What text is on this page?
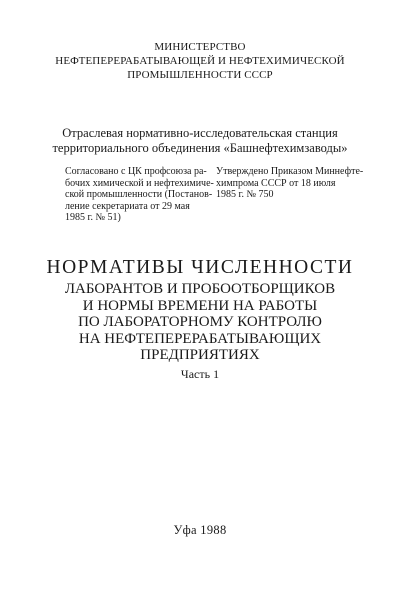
МИНИСТЕРСТВО
НЕФТЕПЕРЕРАБАТЫВАЮЩЕЙ И НЕФТЕХИМИЧЕСКОЙ
ПРОМЫШЛЕННОСТИ СССР
Отраслевая нормативно-исследовательская станция
территориального объединения «Башнефтехимзаводы»
Согласовано с ЦК профсоюза ра-
бочих химической и нефтехимиче-
ской промышленности (Постанов-
ление секретариата от 29 мая
1985 г. № 51)
Утверждено Приказом Миннефте-
химпрома СССР от 18 июля
1985 г. № 750
НОРМАТИВЫ ЧИСЛЕННОСТИ
ЛАБОРАНТОВ И ПРОБООТБОРЩИКОВ
И НОРМЫ ВРЕМЕНИ НА РАБОТЫ
ПО ЛАБОРАТОРНОМУ КОНТРОЛЮ
НА НЕФТЕПЕРЕРАБАТЫВАЮЩИХ
ПРЕДПРИЯТИЯХ
Часть 1
Уфа 1988
